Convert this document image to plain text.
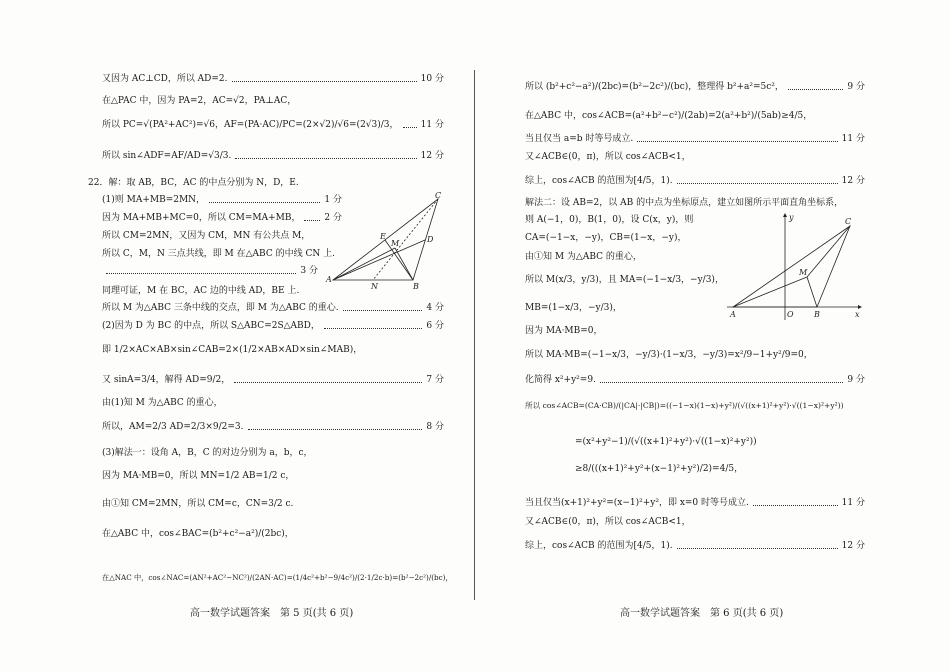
又因为 AC⊥CD，所以 AD=2.	10 分
在△PAC 中，因为 PA=2，AC=√2，PA⊥AC，
所以 PC=√(PA²+AC²)=√6，AF=(PA·AC)/PC=(2×√2)/√6=(2√3)/3， 11 分
所以 sin∠ADF=AF/AD=√3/3.	12 分
22．解：取 AB，BC，AC 的中点分别为 N，D，E.
(1)则 MA+MB=2MN，	1 分
因为 MA+MB+MC=0，所以 CM=MA+MB，	2 分
所以 CM=2MN，又因为 CM，MN 有公共点 M，
所以 C，M，N 三点共线，即 M 在△ABC 的中线 CN 上.
3 分
同理可证，M 在 BC，AC 边的中线 AD，BE 上.
所以 M 为△ABC 三条中线的交点，即 M 为△ABC 的重心.	4 分
(2)因为 D 为 BC 的中点，所以 S△ABC=2S△ABD，	6 分
即 1/2×AC×AB×sin∠CAB=2×(1/2×AB×AD×sin∠MAB)，
又 sinA=3/4，解得 AD=9/2，	7 分
由(1)知 M 为△ABC 的重心，
所以，AM=2/3 AD=2/3×9/2=3.	8 分
(3)解法一：设角 A，B，C 的对边分别为 a，b，c，
因为 MA·MB=0，所以 MN=1/2 AB=1/2 c，
由①知 CM=2MN，所以 CM=c，CN=3/2 c.
在△ABC 中，cos∠BAC=(b²+c²−a²)/(2bc)，
在△NAC 中，cos∠NAC=(AN²+AC²−NC²)/(2AN·AC)=(1/4c²+b²−9/4c²)/(2·1/2c·b)=(b²−2c²)/(bc)，
C
E
M	D
A
N	B
高一数学试题答案　第 5 页(共 6 页)
所以 (b²+c²−a²)/(2bc)=(b²−2c²)/(bc)，整理得 b²+a²=5c²，	9 分
在△ABC 中，cos∠ACB=(a²+b²−c²)/(2ab)=2(a²+b²)/(5ab)≥4/5，
当且仅当 a=b 时等号成立.	11 分
又∠ACB∈(0，π)，所以 cos∠ACB<1，
综上，cos∠ACB 的范围为[4/5，1).	12 分
解法二：设 AB=2，以 AB 的中点为坐标原点，建立如图所示平面直角坐标系，
则 A(−1，0)，B(1，0)，设 C(x，y)，则
CA=(−1−x，−y)，CB=(1−x，−y)，
由①知 M 为△ABC 的重心，
所以 M(x/3，y/3)，且 MA=(−1−x/3，−y/3)，
MB=(1−x/3，−y/3)，
因为 MA·MB=0，
所以 MA·MB=(−1−x/3，−y/3)·(1−x/3，−y/3)=x²/9−1+y²/9=0，
化简得 x²+y²=9.	9 分
所以 cos∠ACB=(CA·CB)/(|CA|·|CB|)=((−1−x)(1−x)+y²)/(√((x+1)²+y²)·√((1−x)²+y²))
=(x²+y²−1)/(√((x+1)²+y²)·√((1−x)²+y²))
≥8/(((x+1)²+y²+(x−1)²+y²)/2)=4/5，
当且仅当(x+1)²+y²=(x−1)²+y²，即 x=0 时等号成立.	11 分
又∠ACB∈(0，π)，所以 cos∠ACB<1，
综上，cos∠ACB 的范围为[4/5，1).	12 分
y	C
M
A	O	B	x
高一数学试题答案　第 6 页(共 6 页)
